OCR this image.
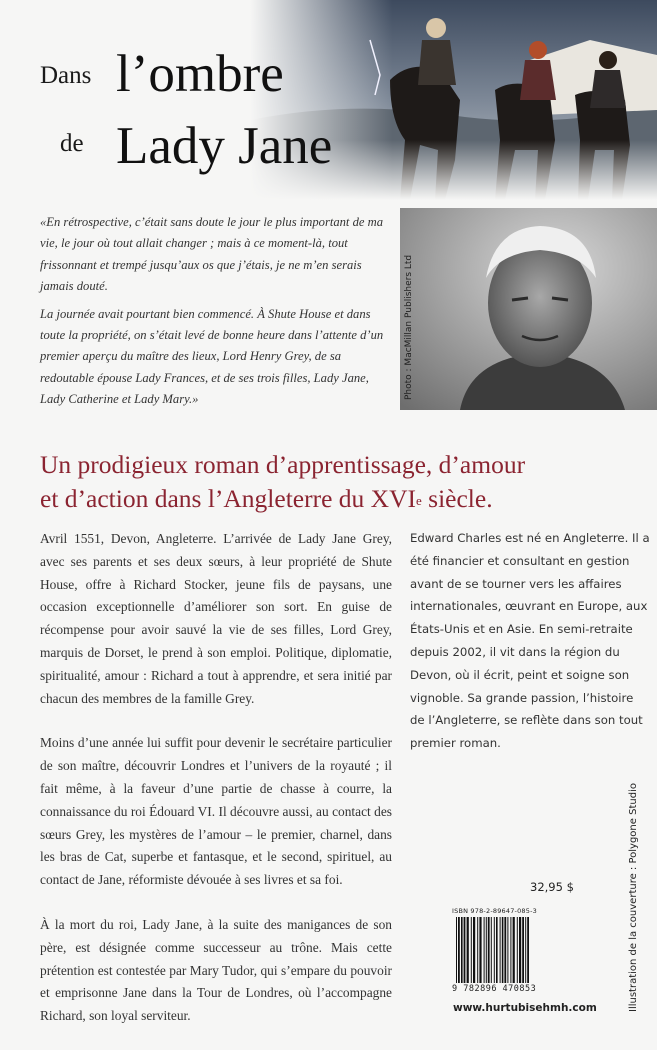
Dans l’ombre
de Lady Jane

«En rétrospective, c’était sans doute le jour le plus important de ma vie, le jour où tout allait changer ; mais à ce moment-là, tout frissonnant et trempé jusqu’aux os que j’étais, je ne m’en serais jamais douté.

La journée avait pourtant bien commencé. À Shute House et dans toute la propriété, on s’était levé de bonne heure dans l’attente d’un premier aperçu du maître des lieux, Lord Henry Grey, de sa redoutable épouse Lady Frances, et de ses trois filles, Lady Jane, Lady Catherine et Lady Mary.»	Photo : MacMillan Publishers Ltd
Un prodigieux roman d’apprentissage, d’amour
et d’action dans l’Angleterre du XVIe siècle.

Avril 1551, Devon, Angleterre. L’arrivée de Lady Jane Grey, avec ses parents et ses deux sœurs, à leur propriété de Shute House, offre à Richard Stocker, jeune fils de paysans, une occasion exceptionnelle d’améliorer son sort. En guise de récompense pour avoir sauvé la vie de ses filles, Lord Grey, marquis de Dorset, le prend à son emploi. Politique, diplomatie, spiritualité, amour : Richard a tout à apprendre, et sera initié par chacun des membres de la famille Grey.

Moins d’une année lui suffit pour devenir le secrétaire particulier de son maître, découvrir Londres et l’univers de la royauté ; il fait même, à la faveur d’une partie de chasse à courre, la connaissance du roi Édouard VI. Il découvre aussi, au contact des sœurs Grey, les mystères de l’amour – le premier, charnel, dans les bras de Cat, superbe et fantasque, et le second, spirituel, au contact de Jane, réformiste dévouée à ses livres et sa foi.

À la mort du roi, Lady Jane, à la suite des manigances de son père, est désignée comme successeur au trône. Mais cette prétention est contestée par Mary Tudor, qui s’empare du pouvoir et emprisonne Jane dans la Tour de Londres, où l’accompagne Richard, son loyal serviteur.

Edward Charles est né en Angleterre. Il a été financier et consultant en gestion avant de se tourner vers les affaires internationales, œuvrant en Europe, aux États-Unis et en Asie. En semi-retraite depuis 2002, il vit dans la région du Devon, où il écrit, peint et soigne son vignoble. Sa grande passion, l’histoire de l’Angleterre, se reflète dans son tout premier roman.
32,95 $
ISBN 978-2-89647-085-3
9 782896 470853
www.hurtubisehmh.com	Illustration de la couverture : Polygone Studio
